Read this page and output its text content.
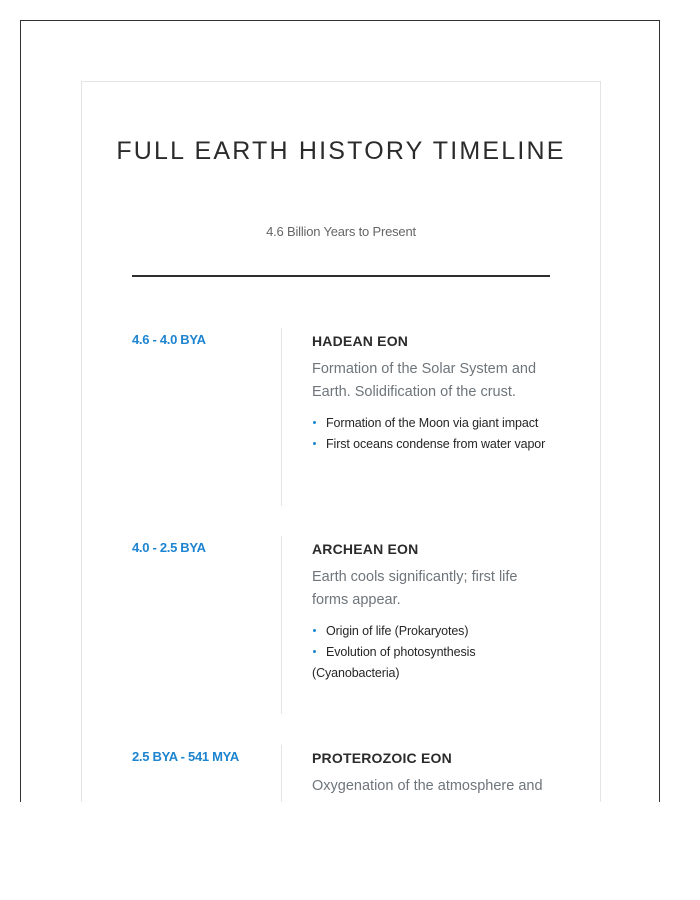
FULL EARTH HISTORY TIMELINE
4.6 Billion Years to Present
4.6 - 4.0 BYA	HADEAN EON

Formation of the Solar System and Earth. Solidification of the crust.

Formation of the Moon via giant impact
First oceans condense from water vapor
4.0 - 2.5 BYA	ARCHEAN EON

Earth cools significantly; first life forms appear.

Origin of life (Prokaryotes)
Evolution of photosynthesis (Cyanobacteria)
2.5 BYA - 541 MYA	PROTEROZOIC EON

Oxygenation of the atmosphere and
